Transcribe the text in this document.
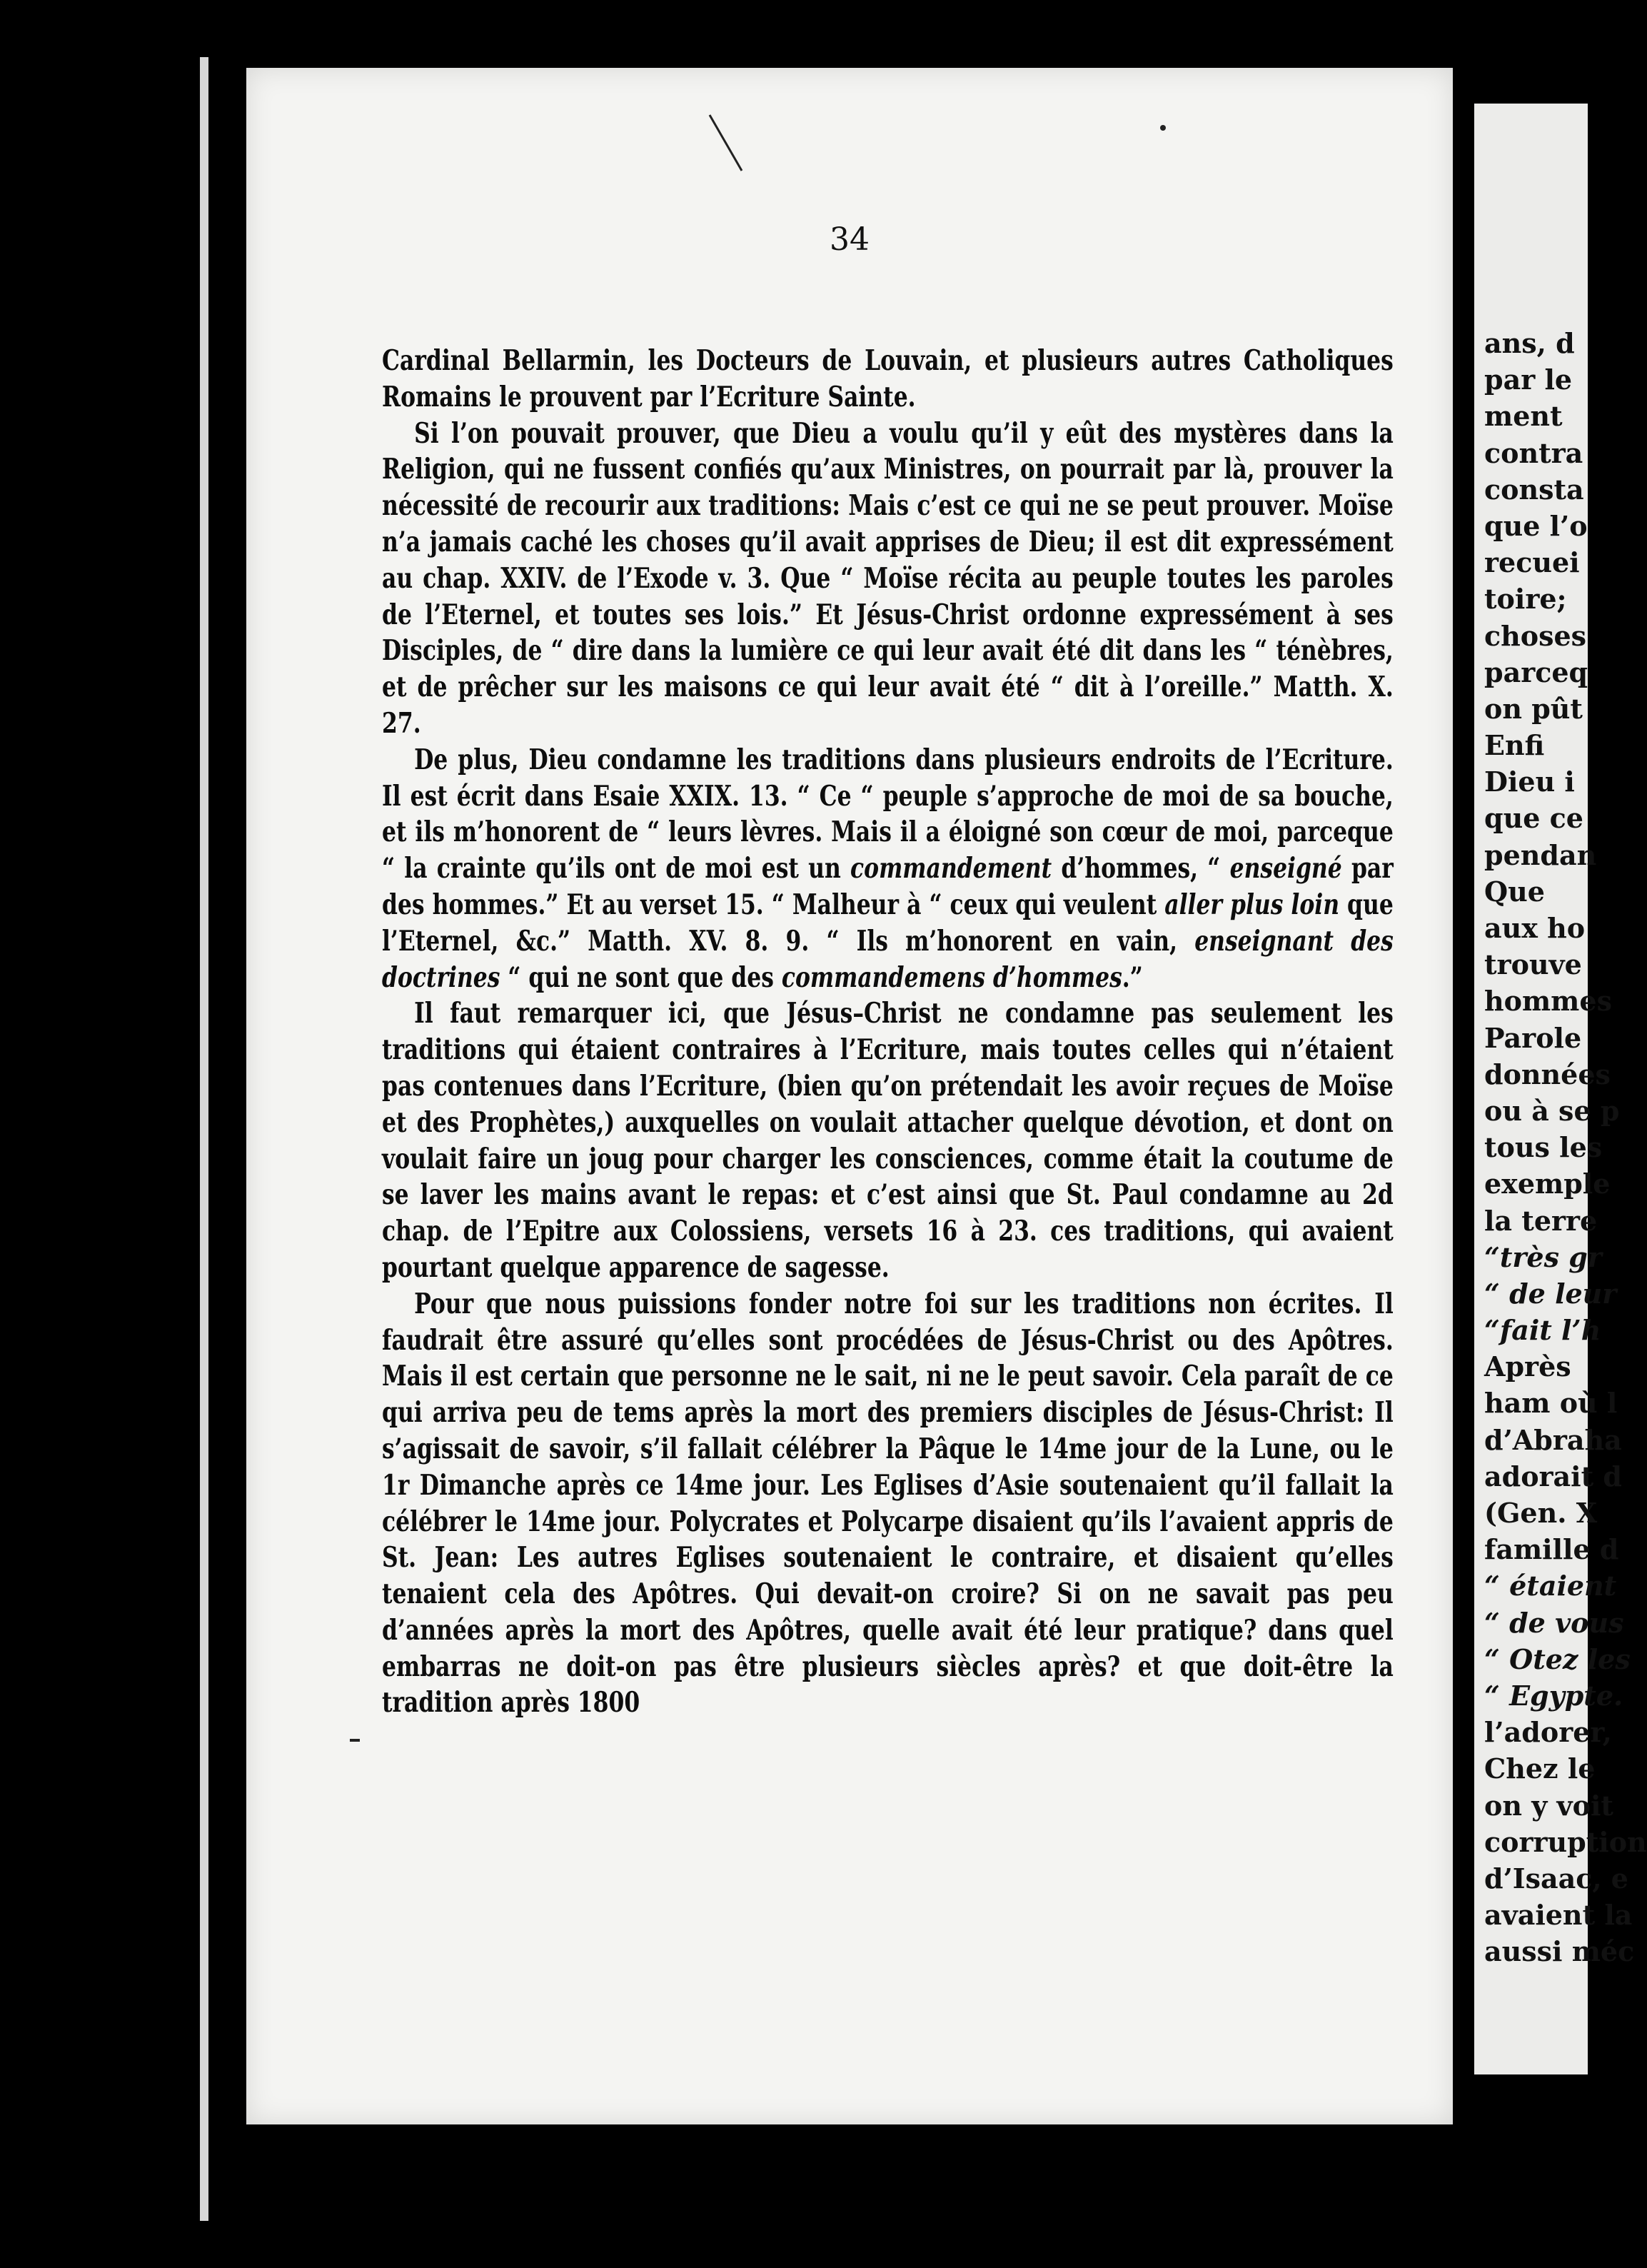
34

Cardinal Bellarmin, les Docteurs de Louvain, et plusieurs autres Catholiques Romains le prouvent par l’Ecriture Sainte.

Si l’on pouvait prouver, que Dieu a voulu qu’il y eût des mystères dans la Religion, qui ne fussent confiés qu’aux Ministres, on pourrait par là, prouver la nécessité de recourir aux traditions: Mais c’est ce qui ne se peut prouver. Moïse n’a jamais caché les choses qu’il avait apprises de Dieu; il est dit expressément au chap. XXIV. de l’Exode v. 3. Que “ Moïse récita au peuple toutes les paroles de l’Eternel, et toutes ses lois.” Et Jésus-Christ ordonne expressément à ses Disciples, de “ dire dans la lumière ce qui leur avait été dit dans les “ ténèbres, et de prêcher sur les maisons ce qui leur avait été “ dit à l’oreille.” Matth. X. 27.

De plus, Dieu condamne les traditions dans plusieurs endroits de l’Ecriture. Il est écrit dans Esaie XXIX. 13. “ Ce “ peuple s’approche de moi de sa bouche, et ils m’honorent de “ leurs lèvres. Mais il a éloigné son cœur de moi, parceque “ la crainte qu’ils ont de moi est un commandement d’hommes, “ enseigné par des hommes.” Et au verset 15. “ Malheur à “ ceux qui veulent aller plus loin que l’Eternel, &c.” Matth. XV. 8. 9. “ Ils m’honorent en vain, enseignant des doctrines “ qui ne sont que des commandemens d’hommes.”

Il faut remarquer ici, que Jésus–Christ ne condamne pas seulement les traditions qui étaient contraires à l’Ecriture, mais toutes celles qui n’étaient pas contenues dans l’Ecriture, (bien qu’on prétendait les avoir reçues de Moïse et des Prophètes,) auxquelles on voulait attacher quelque dévotion, et dont on voulait faire un joug pour charger les consciences, comme était la coutume de se laver les mains avant le repas: et c’est ainsi que St. Paul condamne au 2d chap. de l’Epitre aux Colossiens, versets 16 à 23. ces traditions, qui avaient pourtant quelque apparence de sagesse.

Pour que nous puissions fonder notre foi sur les traditions non écrites. Il faudrait être assuré qu’elles sont procédées de Jésus-Christ ou des Apôtres. Mais il est certain que personne ne le sait, ni ne le peut savoir. Cela paraît de ce qui arriva peu de tems après la mort des premiers disciples de Jésus-Christ: Il s’agissait de savoir, s’il fallait célébrer la Pâque le 14me jour de la Lune, ou le 1r Dimanche après ce 14me jour. Les Eglises d’Asie soutenaient qu’il fallait la célébrer le 14me jour. Polycrates et Polycarpe disaient qu’ils l’avaient appris de St. Jean: Les autres Eglises soutenaient le contraire, et disaient qu’elles tenaient cela des Apôtres. Qui devait-on croire? Si on ne savait pas peu d’années après la mort des Apôtres, quelle avait été leur pratique? dans quel embarras ne doit-on pas être plusieurs siècles après? et que doit-être la tradition après 1800

ans, d
par le
ment
contra
consta
que l’o
recuei
toire;
choses
parceq
on pût
Enfi
Dieu i
que ce
pendan
Que
aux ho
trouve
hommes
Parole
données
ou à se p
tous les
exemple
la terre
“très gr
“ de leur
“fait l’h
Après
ham où l
d’Abraha
adorait d
(Gen. X
famille d
“ étaient
“ de vous
“ Otez les
“ Egypte.
l’adorer,
Chez le
on y voit
corruption
d’Isaac, e
avaient la
aussi méc
